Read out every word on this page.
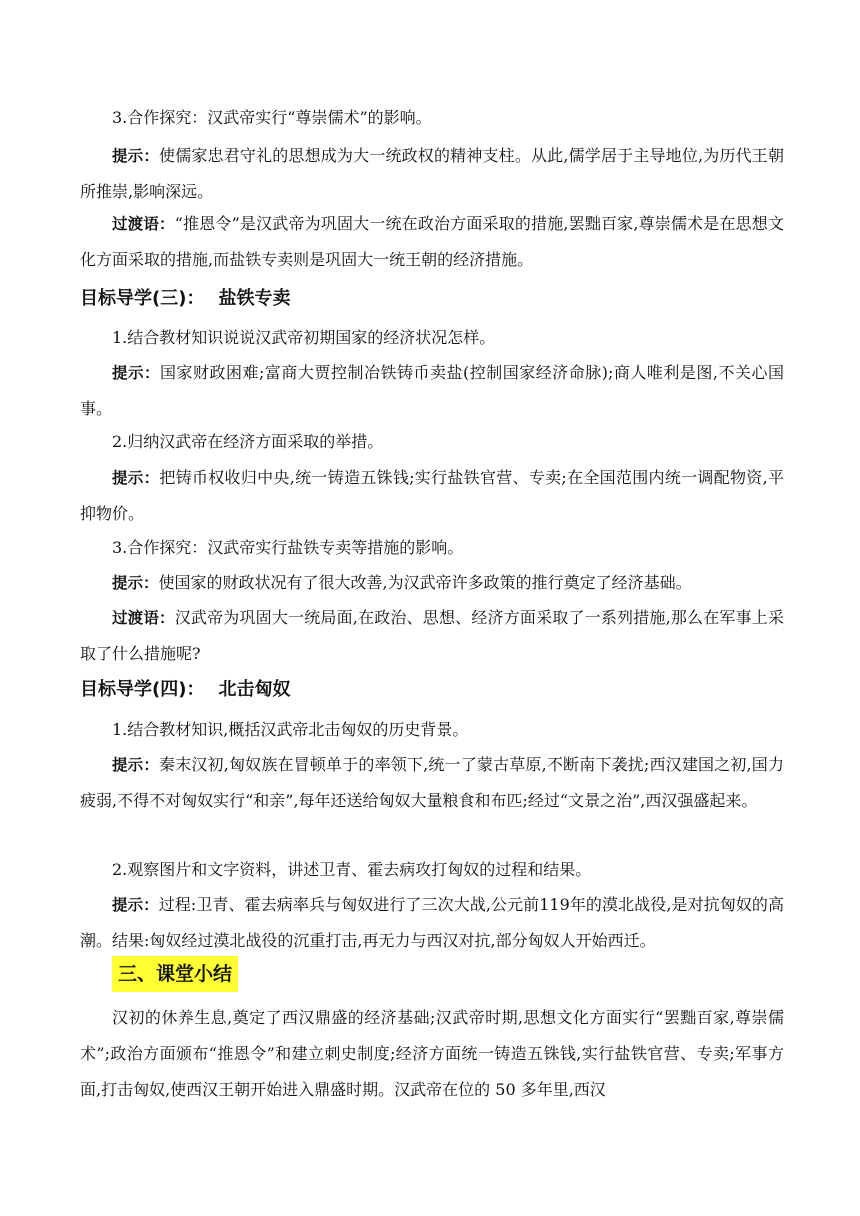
3.合作探究：汉武帝实行“尊崇儒术”的影响。

提示：使儒家忠君守礼的思想成为大一统政权的精神支柱。从此,儒学居于主导地位,为历代王朝所推崇,影响深远。

过渡语：“推恩令”是汉武帝为巩固大一统在政治方面采取的措施,罢黜百家,尊崇儒术是在思想文化方面采取的措施,而盐铁专卖则是巩固大一统王朝的经济措施。

目标导学(三)： 盐铁专卖

1.结合教材知识说说汉武帝初期国家的经济状况怎样。

提示：国家财政困难;富商大贾控制冶铁铸币卖盐(控制国家经济命脉);商人唯利是图,不关心国事。

2.归纳汉武帝在经济方面采取的举措。

提示：把铸币权收归中央,统一铸造五铢钱;实行盐铁官营、专卖;在全国范围内统一调配物资,平抑物价。

3.合作探究：汉武帝实行盐铁专卖等措施的影响。

提示：使国家的财政状况有了很大改善,为汉武帝许多政策的推行奠定了经济基础。

过渡语：汉武帝为巩固大一统局面,在政治、思想、经济方面采取了一系列措施,那么在军事上采取了什么措施呢?

目标导学(四)： 北击匈奴

1.结合教材知识,概括汉武帝北击匈奴的历史背景。

提示：秦末汉初,匈奴族在冒顿单于的率领下,统一了蒙古草原,不断南下袭扰;西汉建国之初,国力疲弱,不得不对匈奴实行“和亲”,每年还送给匈奴大量粮食和布匹;经过“文景之治”,西汉强盛起来。

2.观察图片和文字资料，讲述卫青、霍去病攻打匈奴的过程和结果。

提示：过程:卫青、霍去病率兵与匈奴进行了三次大战,公元前119年的漠北战役,是对抗匈奴的高潮。结果:匈奴经过漠北战役的沉重打击,再无力与西汉对抗,部分匈奴人开始西迁。

三、课堂小结

汉初的休养生息,奠定了西汉鼎盛的经济基础;汉武帝时期,思想文化方面实行“罢黜百家,尊崇儒术”;政治方面颁布“推恩令”和建立刺史制度;经济方面统一铸造五铢钱,实行盐铁官营、专卖;军事方面,打击匈奴,使西汉王朝开始进入鼎盛时期。汉武帝在位的 50 多年里,西汉
